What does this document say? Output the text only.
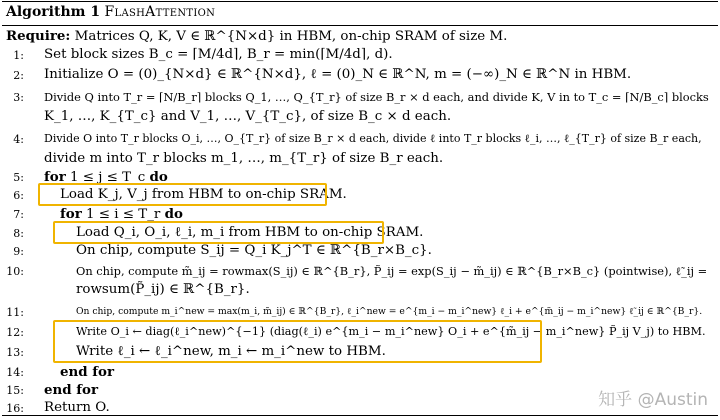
Algorithm 1 FlashAttention
Require: Matrices Q, K, V ∈ ℝ^{N×d} in HBM, on-chip SRAM of size M.
1: Set block sizes B_c = ⌈M/4d⌉, B_r = min(⌈M/4d⌉, d).
2: Initialize O = (0)_{N×d} ∈ ℝ^{N×d}, ℓ = (0)_N ∈ ℝ^N, m = (−∞)_N ∈ ℝ^N in HBM.
3: Divide Q into T_r = ⌈N/B_r⌉ blocks Q_1, …, Q_{T_r} of size B_r × d each, and divide K, V in to T_c = ⌈N/B_c⌉ blocks
K_1, …, K_{T_c} and V_1, …, V_{T_c}, of size B_c × d each.
4: Divide O into T_r blocks O_i, …, O_{T_r} of size B_r × d each, divide ℓ into T_r blocks ℓ_i, …, ℓ_{T_r} of size B_r each,
divide m into T_r blocks m_1, …, m_{T_r} of size B_r each.
5: for 1 ≤ j ≤ T_c do
6:	Load K_j, V_j from HBM to on-chip SRAM.
7:	for 1 ≤ i ≤ T_r do
8:	Load Q_i, O_i, ℓ_i, m_i from HBM to on-chip SRAM.
9:	On chip, compute S_ij = Q_i K_j^T ∈ ℝ^{B_r×B_c}.
10:	On chip, compute m̃_ij = rowmax(S_ij) ∈ ℝ^{B_r}, P̃_ij = exp(S_ij − m̃_ij) ∈ ℝ^{B_r×B_c} (pointwise), ℓ̃_ij =
rowsum(P̃_ij) ∈ ℝ^{B_r}.
11:	On chip, compute m_i^new = max(m_i, m̃_ij) ∈ ℝ^{B_r}, ℓ_i^new = e^{m_i − m_i^new} ℓ_i + e^{m̃_ij − m_i^new} ℓ̃_ij ∈ ℝ^{B_r}.
12:	Write O_i ← diag(ℓ_i^new)^{−1} (diag(ℓ_i) e^{m_i − m_i^new} O_i + e^{m̃_ij − m_i^new} P̃_ij V_j) to HBM.
13:	Write ℓ_i ← ℓ_i^new, m_i ← m_i^new to HBM.
14:	end for
15: end for
16: Return O.	知乎 @Austin
